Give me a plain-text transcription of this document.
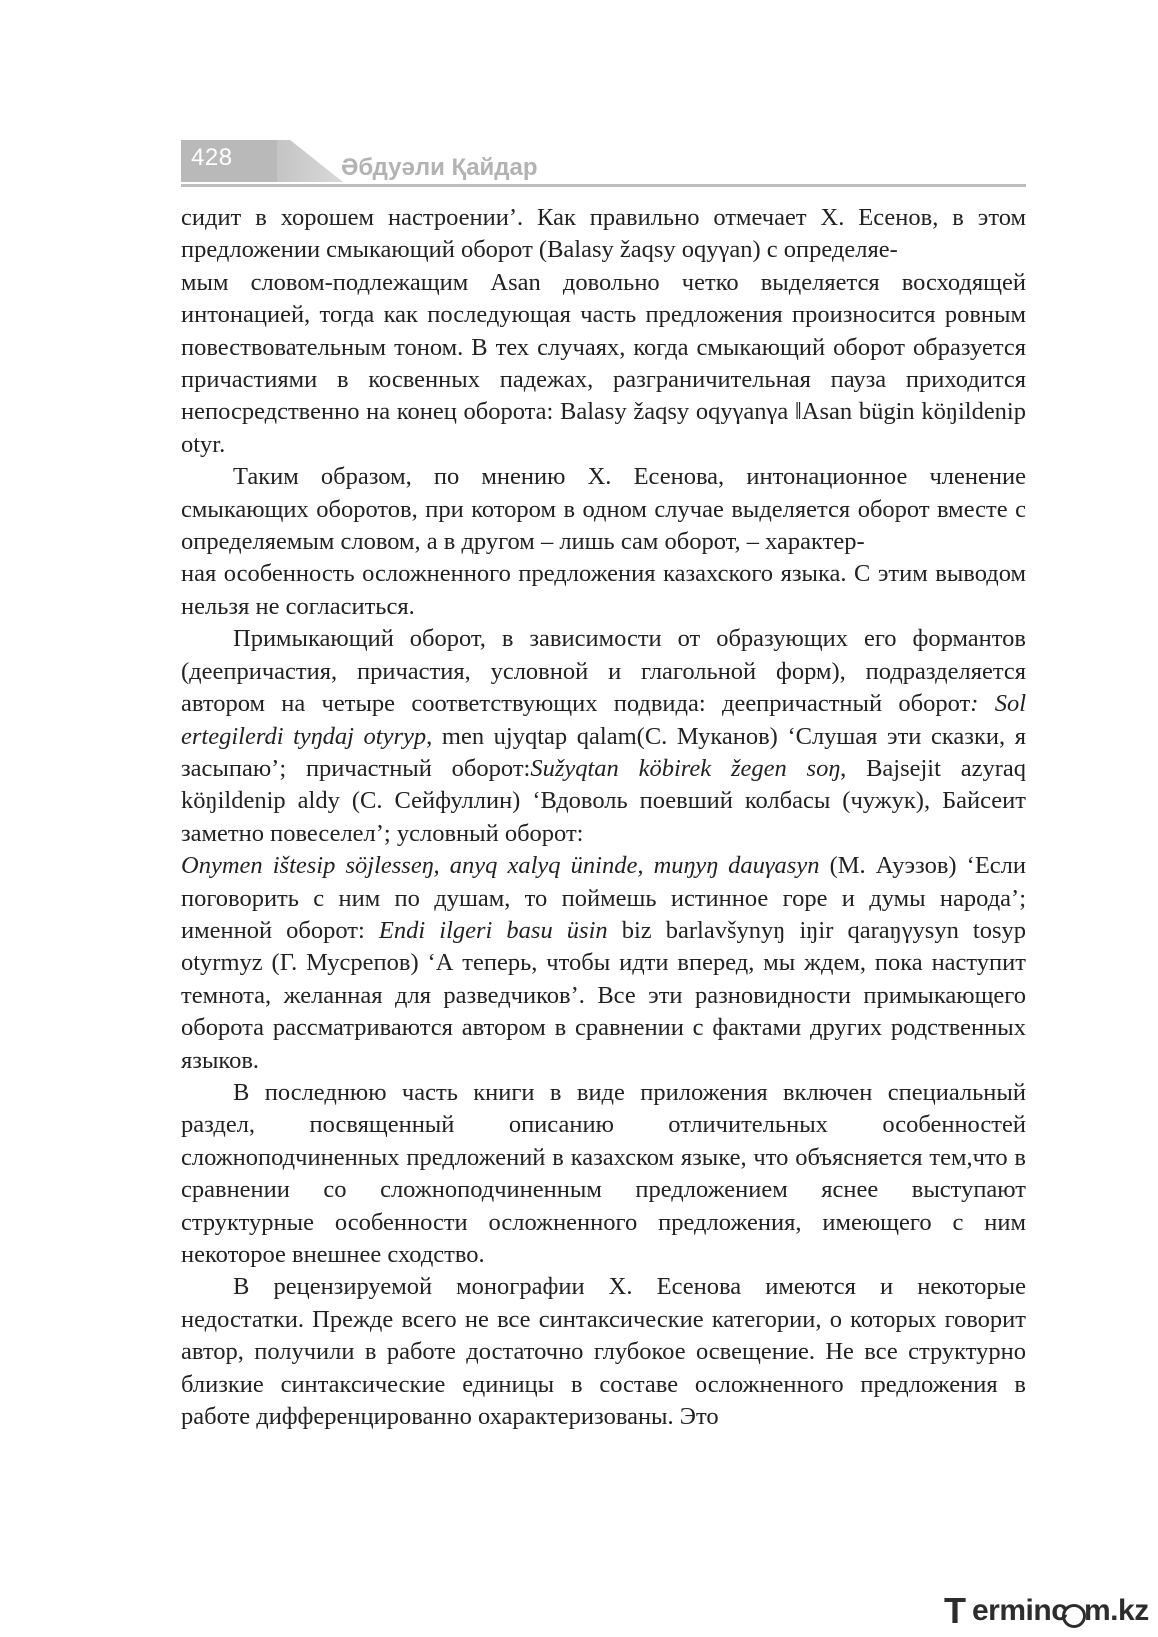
428	Әбдуәли Қайдар

сидит в хорошем настроении’. Как правильно отмечает Х. Есенов, в этом предложении смыкающий оборот (Balasy žaqsy oqyγan) с определяе-
мым словом-подлежащим Asan довольно четко выделяется восходящей интонацией, тогда как последующая часть предложения произносится ровным повествовательным тоном. В тех случаях, когда смыкающий оборот образуется причастиями в косвенных падежах, разграничительная пауза приходится непосредственно на конец оборота: Balasy žaqsy oqyγanγa ǁAsan bügin köŋildenip otyr.

Таким образом, по мнению Х. Есенова, интонационное членение смыкающих оборотов, при котором в одном случае выделяется оборот вместе с определяемым словом, а в другом – лишь сам оборот, – характер-
ная особенность осложненного предложения казахского языка. С этим выводом нельзя не согласиться.

Примыкающий оборот, в зависимости от образующих его формантов (деепричастия, причастия, условной и глагольной форм), подразделяется автором на четыре соответствующих подвида: деепричастный оборот: Sol ertegilerdi tyŋdaj otyryp, men ujyqtap qalam(С. Муканов) ‘Слушая эти сказки, я засыпаю’; причастный оборот:Sužyqtan kӧbirek žegen soŋ, Bajsejit azyraq köŋildenip aldy (С. Сейфуллин) ‘Вдоволь поевший колбасы (чужук), Байсеит заметно повеселел’; условный оборот:
Onymen ištesip sӧjlesseŋ, anyq xalyq üninde, muŋyŋ dauγasyn (М. Ауэзов) ‘Если поговорить с ним по душам, то поймешь истинное горе и думы народа’; именной оборот: Endi ilgeri basu üsin biz barlavšynyŋ iŋir qaraŋγysyn tosyp otyrmyz (Г. Мусрепов) ‘А теперь, чтобы идти вперед, мы ждем, пока наступит темнота, желанная для разведчиков’. Все эти разновидности примыкающего оборота рассматриваются автором в сравнении с фактами других родственных языков.

В последнюю часть книги в виде приложения включен специальный раздел, посвященный описанию отличительных особенностей сложноподчиненных предложений в казахском языке, что объясняется тем,что в сравнении со сложноподчиненным предложением яснее выступают структурные особенности осложненного предложения, имеющего с ним некоторое внешнее сходство.

В рецензируемой монографии Х. Есенова имеются и некоторые недостатки. Прежде всего не все синтаксические категории, о которых говорит автор, получили в работе достаточно глубокое освещение. Не все структурно близкие синтаксические единицы в составе осложненного предложения в работе дифференцированно охарактеризованы. Это

T erminc m.kz
